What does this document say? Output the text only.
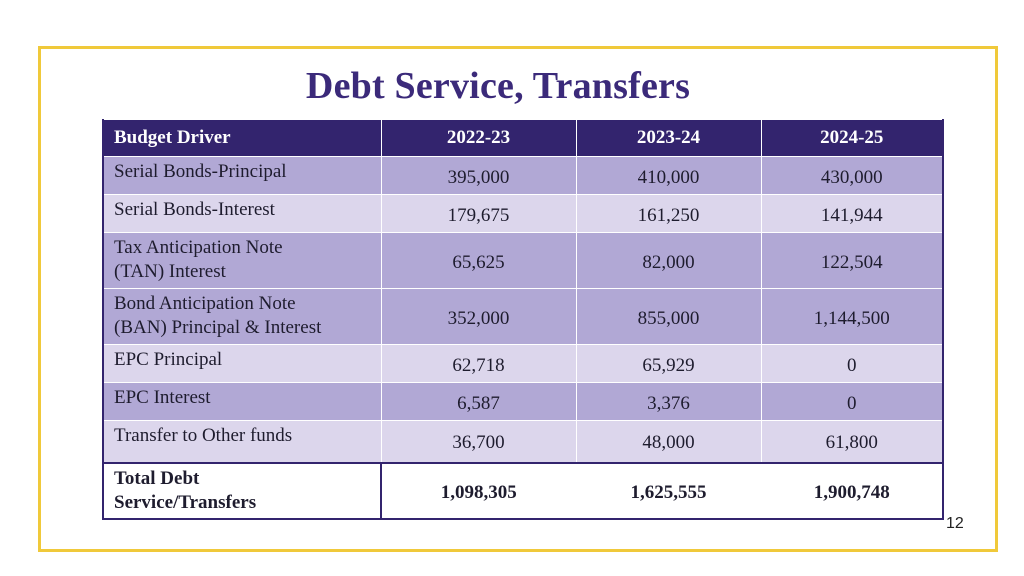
Debt Service, Transfers
Budget Driver	2022-23	2023-24	2024-25
Serial Bonds-Principal	395,000	410,000	430,000
Serial Bonds-Interest	179,675	161,250	141,944
Tax Anticipation Note
(TAN) Interest	65,625	82,000	122,504
Bond Anticipation Note
(BAN) Principal & Interest	352,000	855,000	1,144,500
EPC Principal	62,718	65,929	0
EPC Interest	6,587	3,376	0
Transfer to Other funds	36,700	48,000	61,800
Total Debt
Service/Transfers	1,098,305	1,625,555	1,900,748
12
